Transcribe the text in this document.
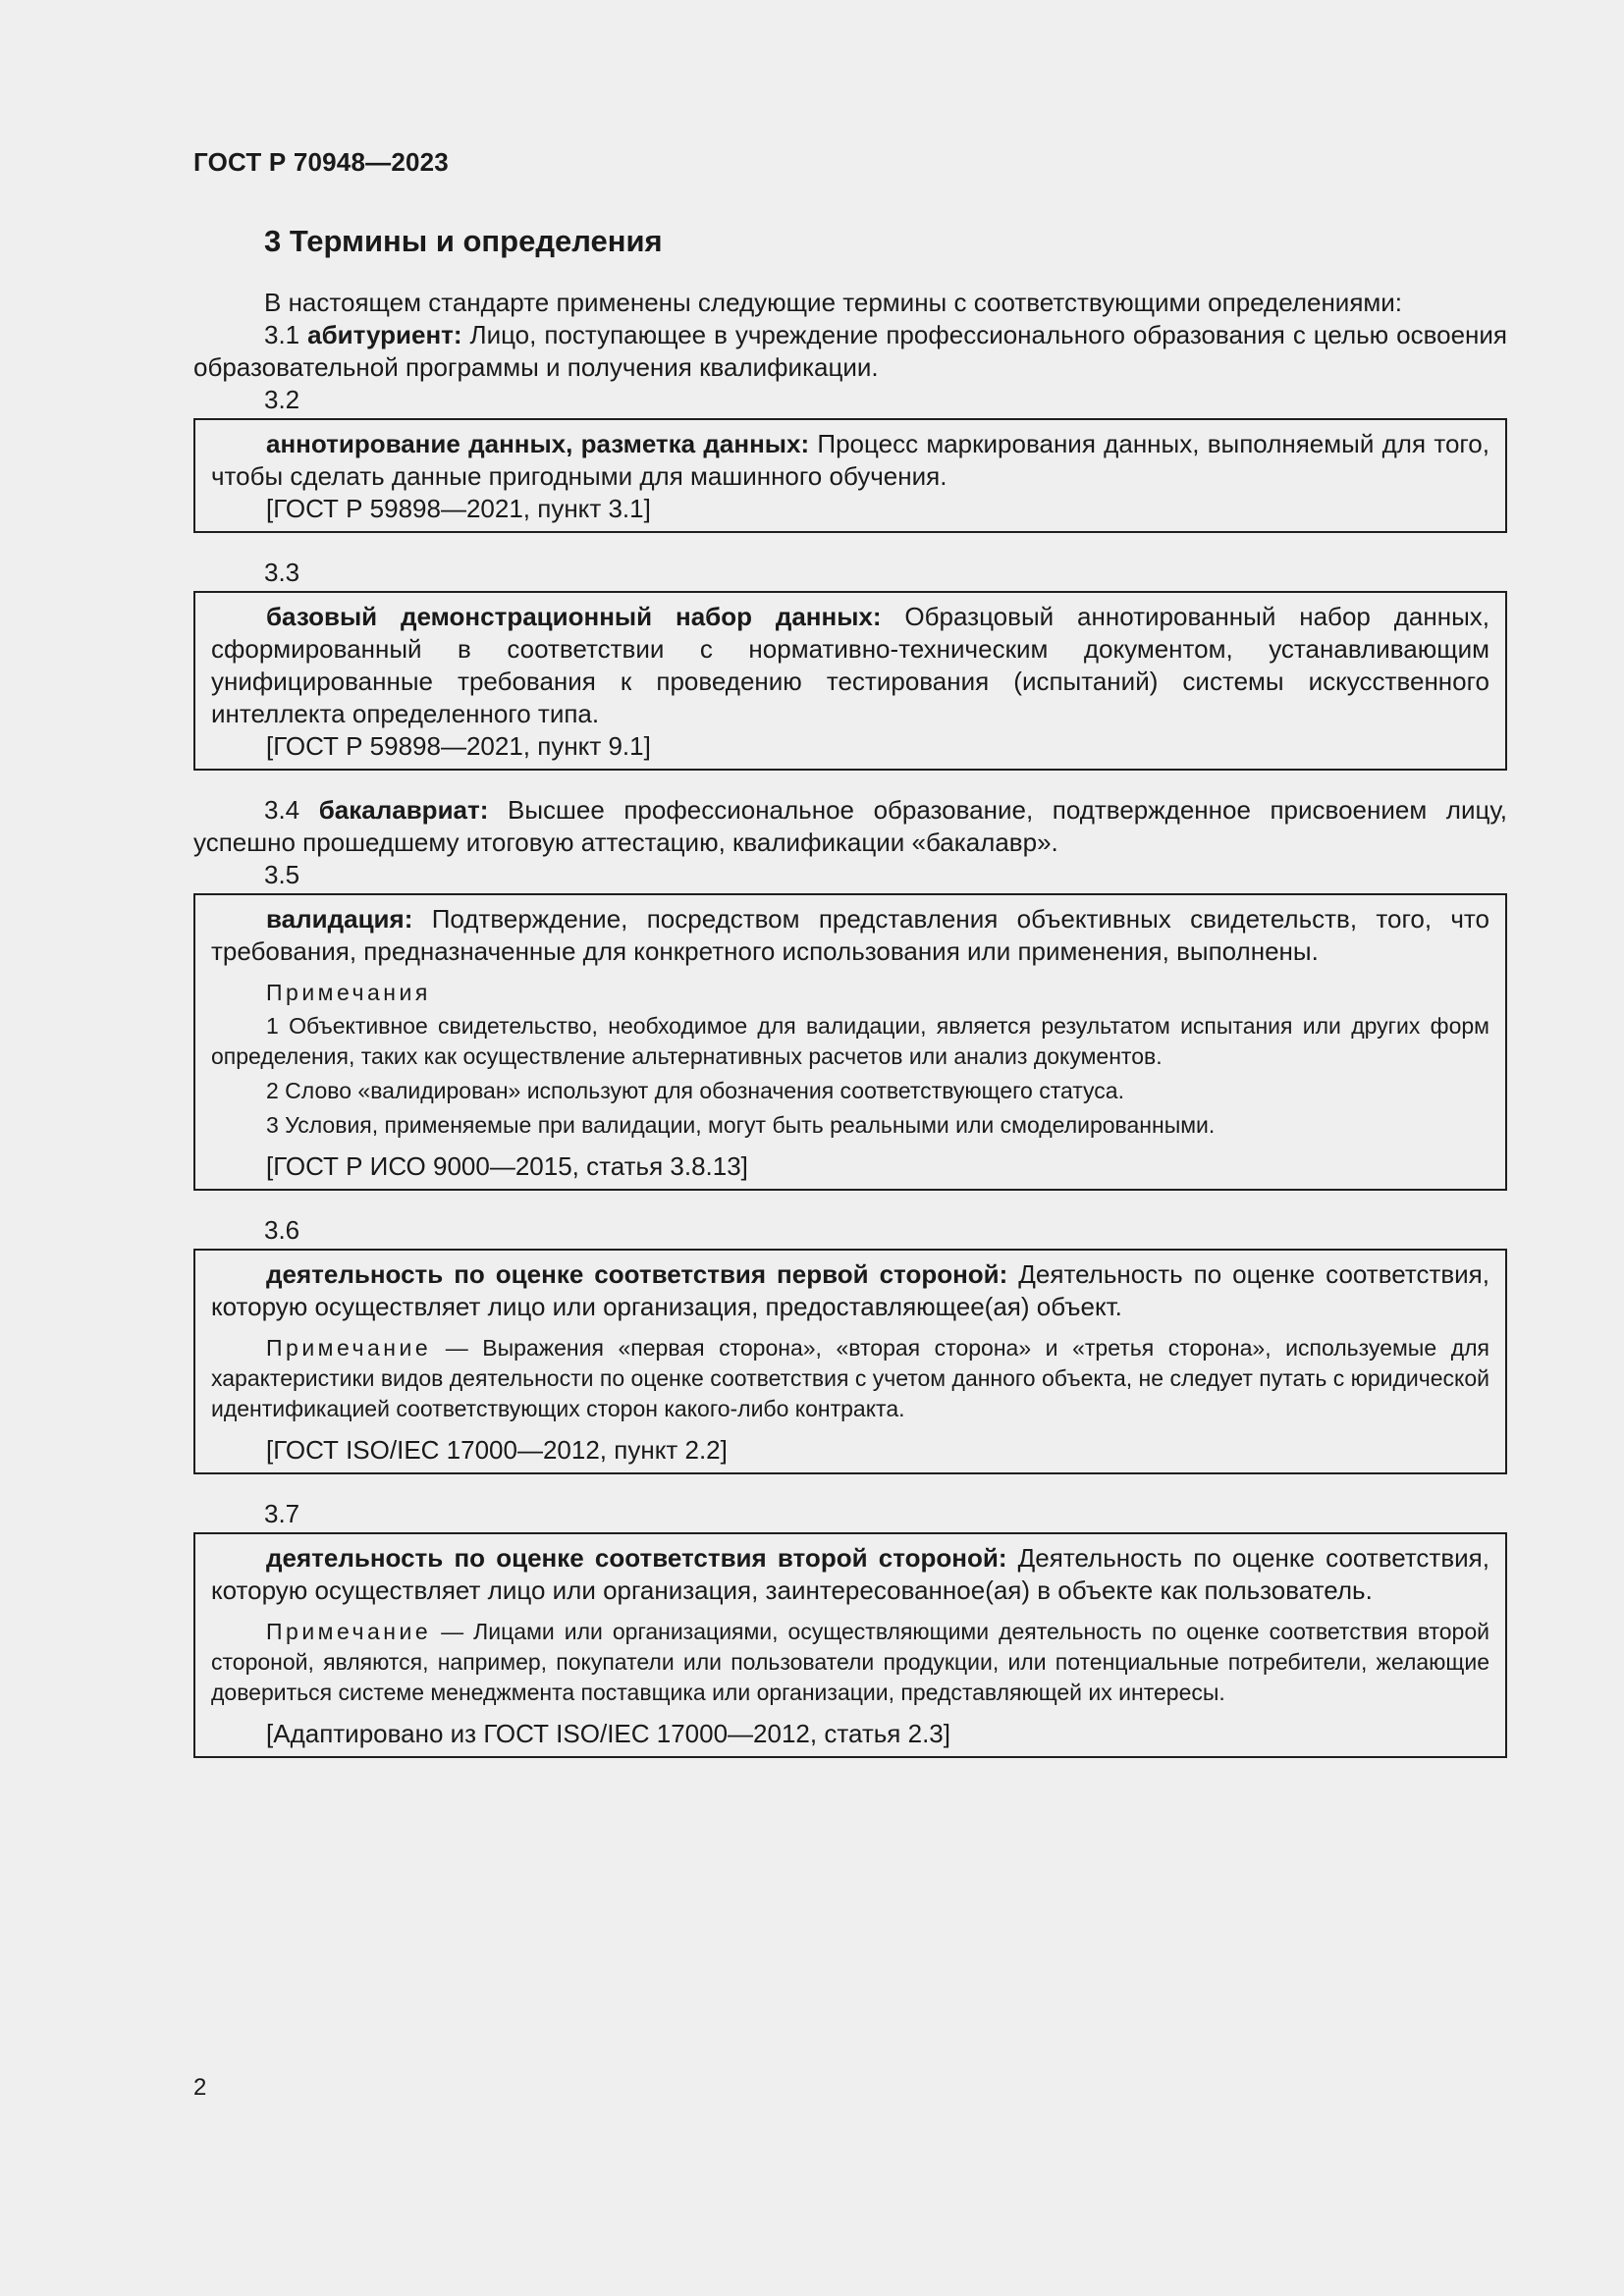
ГОСТ Р 70948—2023
3 Термины и определения

В настоящем стандарте применены следующие термины с соответствующими определениями:

3.1 абитуриент: Лицо, поступающее в учреждение профессионального образования с целью освоения образовательной программы и получения квалификации.

3.2

аннотирование данных, разметка данных: Процесс маркирования данных, выполняемый для того, чтобы сделать данные пригодными для машинного обучения.

[ГОСТ Р 59898—2021, пункт 3.1]
3.3

базовый демонстрационный набор данных: Образцовый аннотированный набор данных, сформированный в соответствии с нормативно-техническим документом, устанавливающим унифицированные требования к проведению тестирования (испытаний) системы искусственного интеллекта определенного типа.

[ГОСТ Р 59898—2021, пункт 9.1]

3.4 бакалавриат: Высшее профессиональное образование, подтвержденное присвоением лицу, успешно прошедшему итоговую аттестацию, квалификации «бакалавр».

3.5

валидация: Подтверждение, посредством представления объективных свидетельств, того, что требования, предназначенные для конкретного использования или применения, выполнены.

Примечания

1 Объективное свидетельство, необходимое для валидации, является результатом испытания или других форм определения, таких как осуществление альтернативных расчетов или анализ документов.

2 Слово «валидирован» используют для обозначения соответствующего статуса.

3 Условия, применяемые при валидации, могут быть реальными или смоделированными.

[ГОСТ Р ИСО 9000—2015, статья 3.8.13]
3.6

деятельность по оценке соответствия первой стороной: Деятельность по оценке соответствия, которую осуществляет лицо или организация, предоставляющее(ая) объект.

Примечание — Выражения «первая сторона», «вторая сторона» и «третья сторона», используемые для характеристики видов деятельности по оценке соответствия с учетом данного объекта, не следует путать с юридической идентификацией соответствующих сторон какого-либо контракта.

[ГОСТ ISO/IEC 17000—2012, пункт 2.2]
3.7

деятельность по оценке соответствия второй стороной: Деятельность по оценке соответствия, которую осуществляет лицо или организация, заинтересованное(ая) в объекте как пользователь.

Примечание — Лицами или организациями, осуществляющими деятельность по оценке соответствия второй стороной, являются, например, покупатели или пользователи продукции, или потенциальные потребители, желающие довериться системе менеджмента поставщика или организации, представляющей их интересы.

[Адаптировано из ГОСТ ISO/IEC 17000—2012, статья 2.3]
2
